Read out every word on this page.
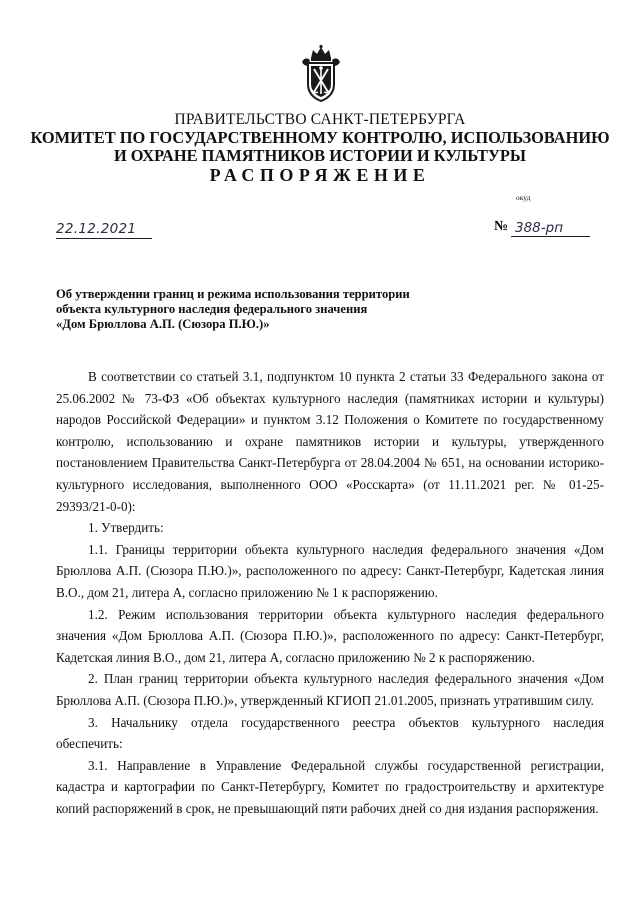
ПРАВИТЕЛЬСТВО САНКТ-ПЕТЕРБУРГА
КОМИТЕТ ПО ГОСУДАРСТВЕННОМУ КОНТРОЛЮ, ИСПОЛЬЗОВАНИЮ
И ОХРАНЕ ПАМЯТНИКОВ ИСТОРИИ И КУЛЬТУРЫ
РАСПОРЯЖЕНИЕ
окуд
22.12.2021	№ 388-рп
Об утверждении границ и режима использования территории
объекта культурного наследия федерального значения
«Дом Брюллова А.П. (Сюзора П.Ю.)»

В соответствии со статьей 3.1, подпунктом 10 пункта 2 статьи 33 Федерального закона от 25.06.2002 № 73-ФЗ «Об объектах культурного наследия (памятниках истории и культуры) народов Российской Федерации» и пунктом 3.12 Положения о Комитете по государственному контролю, использованию и охране памятников истории и культуры, утвержденного постановлением Правительства Санкт-Петербурга от 28.04.2004 № 651, на основании историко-культурного исследования, выполненного ООО «Росскарта» (от 11.11.2021 рег. № 01-25-29393/21-0-0):

1. Утвердить:

1.1. Границы территории объекта культурного наследия федерального значения «Дом Брюллова А.П. (Сюзора П.Ю.)», расположенного по адресу: Санкт-Петербург, Кадетская линия В.О., дом 21, литера А, согласно приложению № 1 к распоряжению.

1.2. Режим использования территории объекта культурного наследия федерального значения «Дом Брюллова А.П. (Сюзора П.Ю.)», расположенного по адресу: Санкт-Петербург, Кадетская линия В.О., дом 21, литера А, согласно приложению № 2 к распоряжению.

2. План границ территории объекта культурного наследия федерального значения «Дом Брюллова А.П. (Сюзора П.Ю.)», утвержденный КГИОП 21.01.2005, признать утратившим силу.

3. Начальнику отдела государственного реестра объектов культурного наследия обеспечить:

3.1. Направление в Управление Федеральной службы государственной регистрации, кадастра и картографии по Санкт-Петербургу, Комитет по градостроительству и архитектуре копий распоряжений в срок, не превышающий пяти рабочих дней со дня издания распоряжения.
